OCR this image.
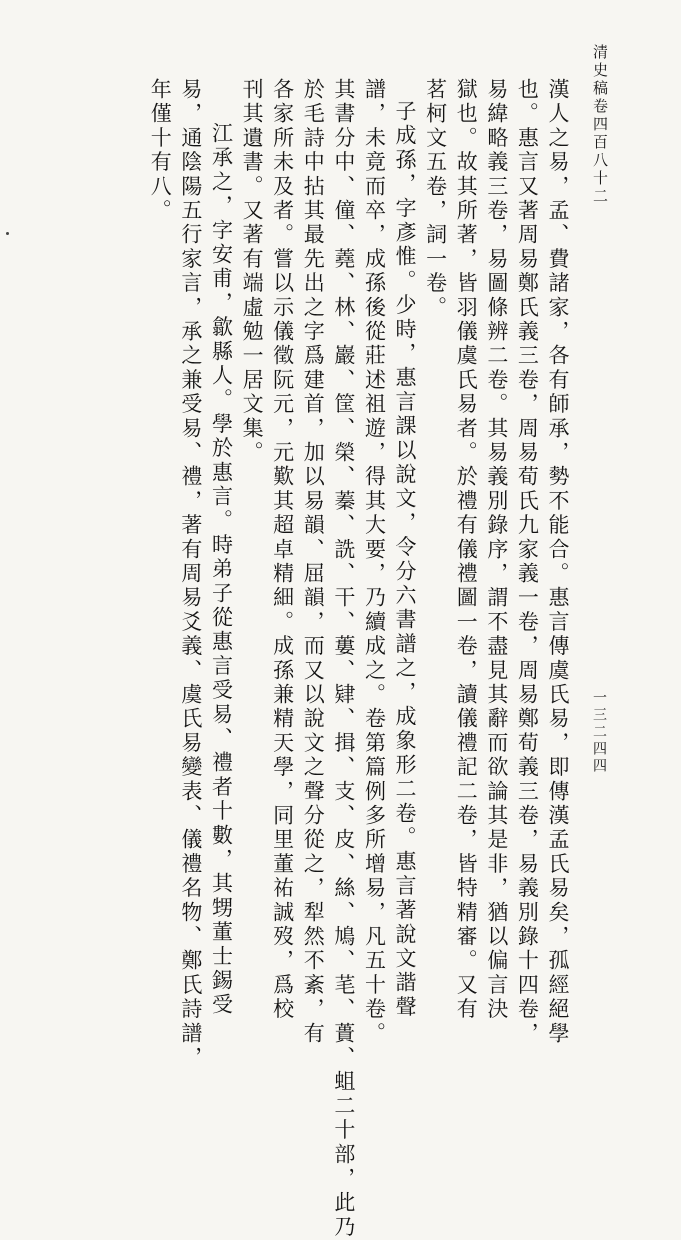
清史稿卷四百八十二
一三二四四

漢人之易，孟、費諸家，各有師承，勢不能合。惠言傳虞氏易，即傳漢孟氏易矣，孤經絕學
也。惠言又著周易鄭氏義三卷，周易荀氏九家義一卷，周易鄭荀義三卷，易義別錄十四卷，
易緯略義三卷，易圖條辨二卷。其易義別錄序，謂不盡見其辭而欲論其是非，猶以偏言決
獄也。故其所著，皆羽儀虞氏易者。於禮有儀禮圖一卷，讀儀禮記二卷，皆特精審。又有
茗柯文五卷，詞一卷。

子成孫，字彥惟。少時，惠言課以說文，令分六書譜之，成象形二卷。惠言著說文諧聲

譜，未竟而卒，成孫後從莊述祖遊，得其大要，乃續成之。卷第篇例多所增易，凡五十卷。
其書分中、僮、蕘、林、巖、筐、榮、蓁、詵、干、蔞、肄、揖、支、皮、絲、鳩、芼、蕢、蛆二十部，此乃
於毛詩中拈其最先出之字爲建首，加以易韻、屈韻，而又以說文之聲分從之，犁然不紊，有
各家所未及者。嘗以示儀徵阮元，元歎其超卓精細。成孫兼精天學，同里董祐誠歿，爲校
刊其遺書。又著有端虛勉一居文集。

江承之，字安甫，歙縣人。學於惠言。時弟子從惠言受易、禮者十數，其甥董士錫受

易，通陰陽五行家言，承之兼受易、禮，著有周易爻義、虞氏易變表、儀禮名物、鄭氏詩譜，
年僅十有八。
